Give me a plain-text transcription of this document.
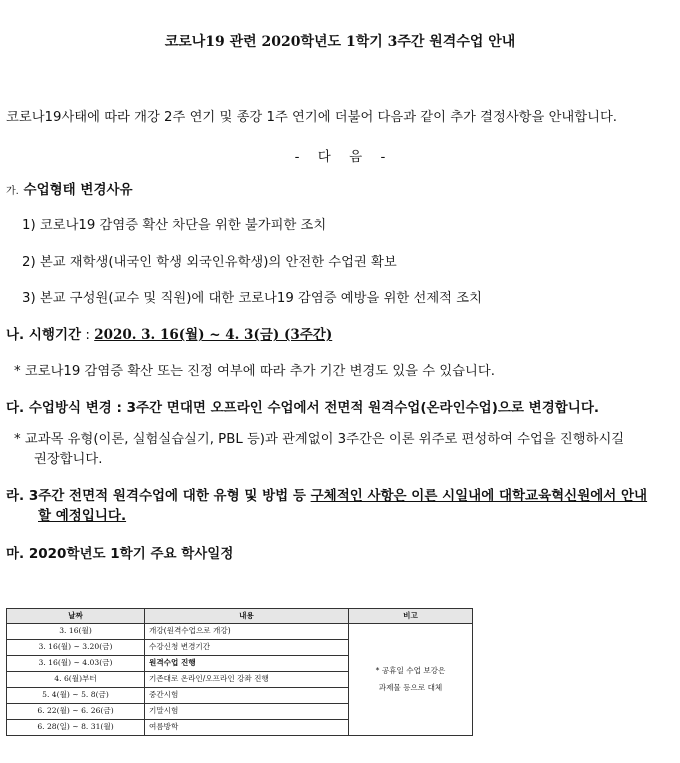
코로나19 관련 2020학년도 1학기 3주간 원격수업 안내
코로나19사태에 따라 개강 2주 연기 및 종강 1주 연기에 더불어 다음과 같이 추가 결정사항을 안내합니다.
- 다 음 -
가. 수업형태 변경사유
1) 코로나19 감염증 확산 차단을 위한 불가피한 조치
2) 본교 재학생(내국인 학생 외국인유학생)의 안전한 수업권 확보
3) 본교 구성원(교수 및 직원)에 대한 코로나19 감염증 예방을 위한 선제적 조치
나. 시행기간 : 2020. 3. 16(월) ~ 4. 3(금) (3주간)
* 코로나19 감염증 확산 또는 진정 여부에 따라 추가 기간 변경도 있을 수 있습니다.
다. 수업방식 변경 : 3주간 면대면 오프라인 수업에서 전면적 원격수업(온라인수업)으로 변경합니다.
* 교과목 유형(이론, 실험실습실기, PBL 등)과 관계없이 3주간은 이론 위주로 편성하여 수업을 진행하시길
권장합니다.
라. 3주간 전면적 원격수업에 대한 유형 및 방법 등 구체적인 사항은 이른 시일내에 대학교육혁신원에서 안내
할 예정입니다.
마. 2020학년도 1학기 주요 학사일정
날짜	내용	비고
3. 16(월)	개강(원격수업으로 개강)	* 공휴일 수업 보강은
과제물 등으로 대체

3. 16(월) ~ 3.20(금)	수강신청 변경기간	
3. 16(월) ~ 4.03(금)	원격수업 진행	
4. 6(월)부터	기존대로 온라인/오프라인 강좌 진행	
5. 4(월) ~ 5. 8(금)	중간시험	
6. 22(월) ~ 6. 26(금)	기말시험	
6. 28(일) ~ 8. 31(월)	여름방학	
